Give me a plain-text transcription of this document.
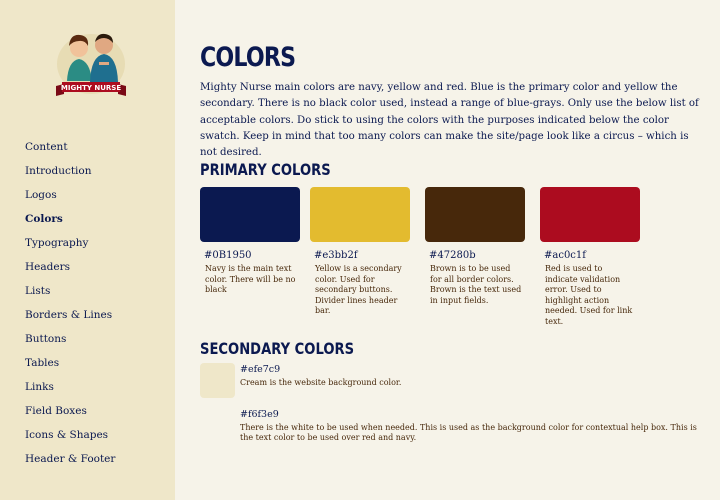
MIGHTY NURSE
Content
Introduction
Logos
Colors
Typography
Headers
Lists
Borders & Lines
Buttons
Tables
Links
Field Boxes
Icons & Shapes
Header & Footer
COLORS

Mighty Nurse main colors are navy, yellow and red. Blue is the primary color and yellow the secondary. There is no black color used, instead a range of blue-grays. Only use the below list of acceptable colors. Do stick to using the colors with the purposes indicated below the color swatch. Keep in mind that too many colors can make the site/page look like a circus – which is not desired.

PRIMARY COLORS
#0B1950
Navy is the main text color. There will be no black
#e3bb2f
Yellow is a secondary color. Used for secondary buttons. Divider lines header bar.
#47280b
Brown is to be used for all border colors. Brown is the text used in input fields.
#ac0c1f
Red is used to indicate validation error. Used to highlight action needed. Used for link text.
SECONDARY COLORS
#efe7c9
Cream is the website background color.
#f6f3e9
There is the white to be used when needed. This is used as the background color for contextual help box. This is the text color to be used over red and navy.
